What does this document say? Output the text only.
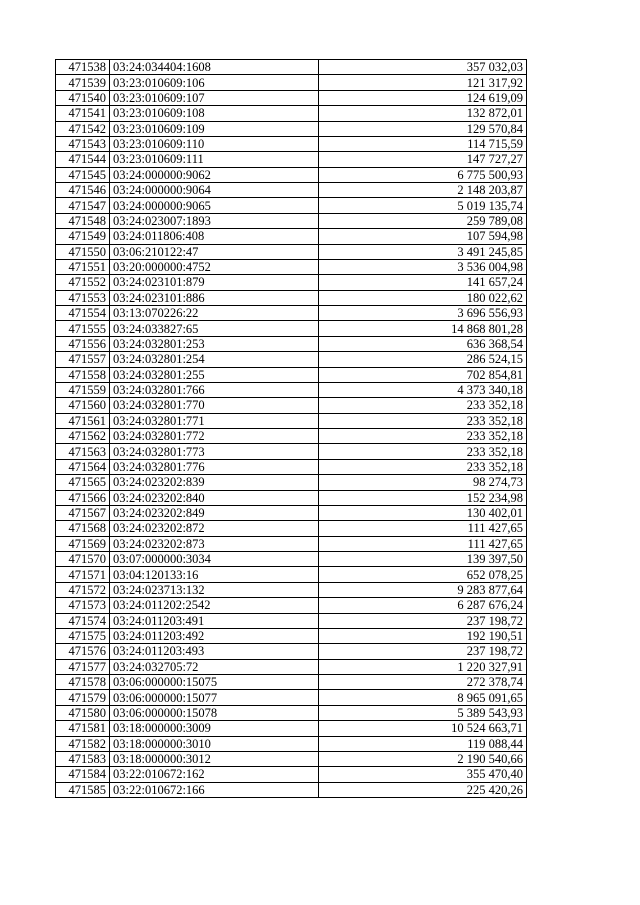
471538	03:24:034404:1608	357 032,03
471539	03:23:010609:106	121 317,92
471540	03:23:010609:107	124 619,09
471541	03:23:010609:108	132 872,01
471542	03:23:010609:109	129 570,84
471543	03:23:010609:110	114 715,59
471544	03:23:010609:111	147 727,27
471545	03:24:000000:9062	6 775 500,93
471546	03:24:000000:9064	2 148 203,87
471547	03:24:000000:9065	5 019 135,74
471548	03:24:023007:1893	259 789,08
471549	03:24:011806:408	107 594,98
471550	03:06:210122:47	3 491 245,85
471551	03:20:000000:4752	3 536 004,98
471552	03:24:023101:879	141 657,24
471553	03:24:023101:886	180 022,62
471554	03:13:070226:22	3 696 556,93
471555	03:24:033827:65	14 868 801,28
471556	03:24:032801:253	636 368,54
471557	03:24:032801:254	286 524,15
471558	03:24:032801:255	702 854,81
471559	03:24:032801:766	4 373 340,18
471560	03:24:032801:770	233 352,18
471561	03:24:032801:771	233 352,18
471562	03:24:032801:772	233 352,18
471563	03:24:032801:773	233 352,18
471564	03:24:032801:776	233 352,18
471565	03:24:023202:839	98 274,73
471566	03:24:023202:840	152 234,98
471567	03:24:023202:849	130 402,01
471568	03:24:023202:872	111 427,65
471569	03:24:023202:873	111 427,65
471570	03:07:000000:3034	139 397,50
471571	03:04:120133:16	652 078,25
471572	03:24:023713:132	9 283 877,64
471573	03:24:011202:2542	6 287 676,24
471574	03:24:011203:491	237 198,72
471575	03:24:011203:492	192 190,51
471576	03:24:011203:493	237 198,72
471577	03:24:032705:72	1 220 327,91
471578	03:06:000000:15075	272 378,74
471579	03:06:000000:15077	8 965 091,65
471580	03:06:000000:15078	5 389 543,93
471581	03:18:000000:3009	10 524 663,71
471582	03:18:000000:3010	119 088,44
471583	03:18:000000:3012	2 190 540,66
471584	03:22:010672:162	355 470,40
471585	03:22:010672:166	225 420,26
